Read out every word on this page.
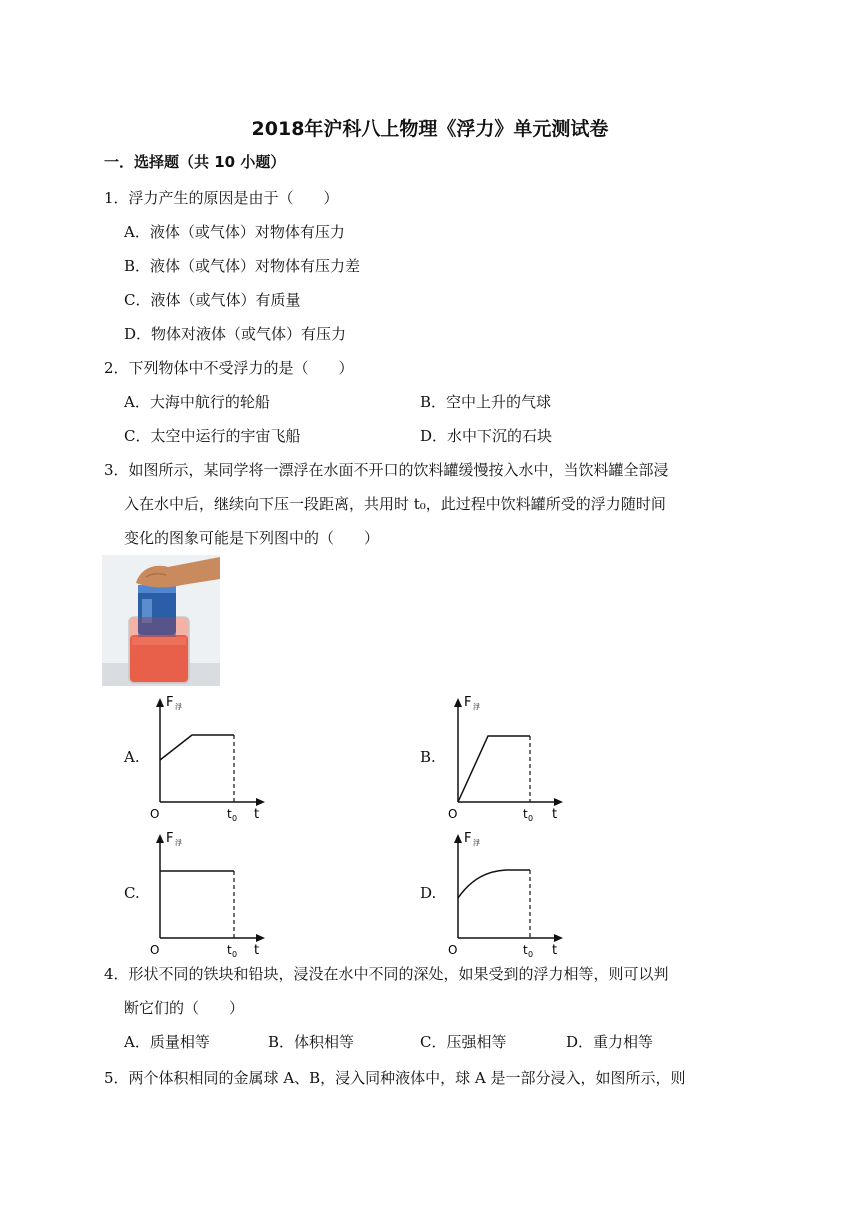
2018年沪科八上物理《浮力》单元测试卷
一．选择题（共 10 小题）
1．浮力产生的原因是由于（　　）
A．液体（或气体）对物体有压力
B．液体（或气体）对物体有压力差
C．液体（或气体）有质量
D．物体对液体（或气体）有压力
2．下列物体中不受浮力的是（　　）
A．大海中航行的轮船	B．空中上升的气球
C．太空中运行的宇宙飞船	D．水中下沉的石块
3．如图所示，某同学将一漂浮在水面不开口的饮料罐缓慢按入水中，当饮料罐全部浸
入在水中后，继续向下压一段距离，共用时 t₀，此过程中饮料罐所受的浮力随时间
变化的图象可能是下列图中的（　　）
A.
F 浮
O	t 0 t
B.
F 浮
O	t 0 t
C.
F 浮
O	t 0 t
D.
F 浮
O	t 0 t
4．形状不同的铁块和铅块，浸没在水中不同的深处，如果受到的浮力相等，则可以判
断它们的（　　）
A．质量相等	B．体积相等	C．压强相等	D．重力相等
5．两个体积相同的金属球 A、B，浸入同种液体中，球 A 是一部分浸入，如图所示，则
